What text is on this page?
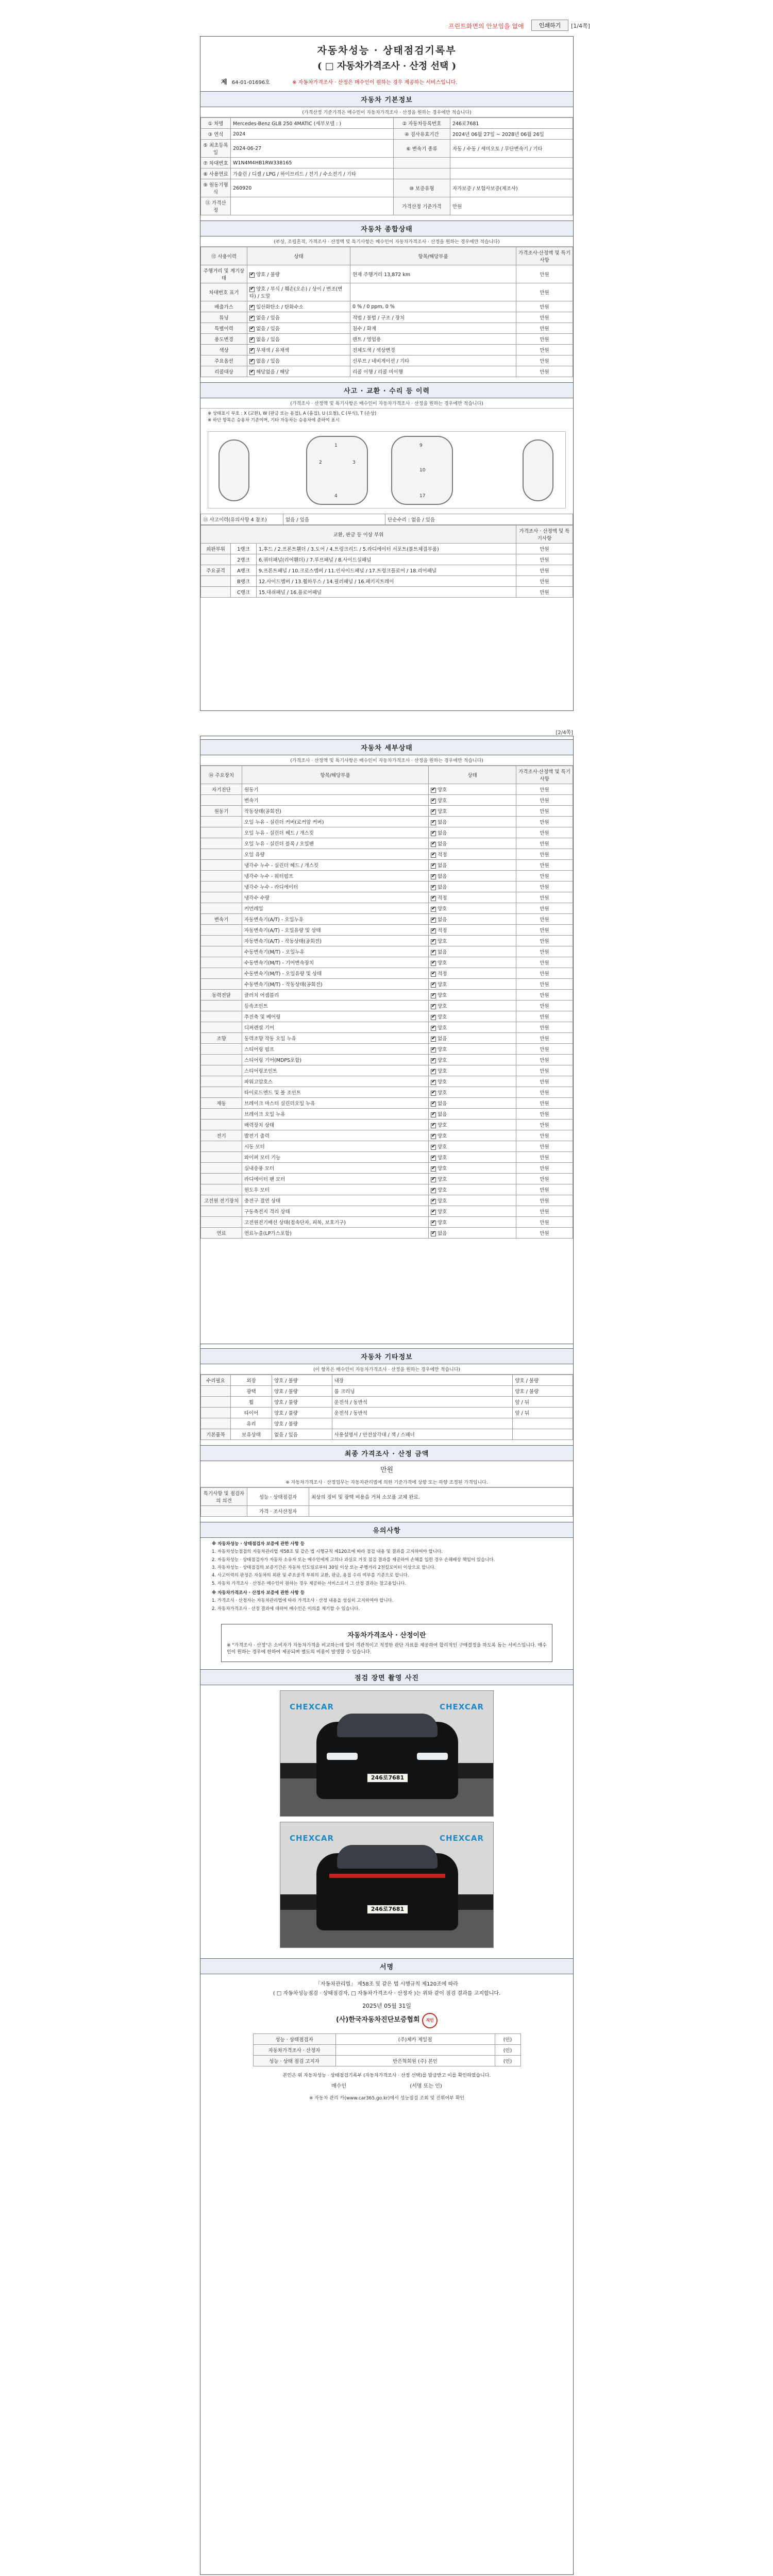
프린트화면의 안보임을 없애	인쇄하기	[1/4쪽]
자동차성능 · 상태점검기록부
( □ 자동차가격조사 · 산정 선택 )
제 64-01-01696호	※ 자동차가격조사 · 산정은 매수인이 원하는 경우 제공하는 서비스입니다.
자동차 기본정보
(가격산정 기준가격은 매수인이 자동차가격조사 · 산정을 원하는 경우에만 적습니다)
① 차명	Mercedes-Benz GLB 250 4MATIC (세부모델 : )	② 자동차등록번호	246로7681
③ 연식	2024	④ 검사유효기간	2024년 06월 27일 ~ 2028년 06월 26일
⑤ 최초등록일	2024-06-27	⑥ 변속기 종류	자동 / 수동 / 세미오토 / 무단변속기 / 기타
⑦ 차대번호	W1N4M4HB1RW338165		
⑧ 사용연료	가솔린 / 디젤 / LPG / 하이브리드 / 전기 / 수소전기 / 기타		
⑨ 원동기형식	260920	⑩ 보증유형	자가보증 / 보험사보증(제조사)
⑪ 가격산정		가격산정 기준가격	만원
자동차 종합상태
(부상, 조립흔적, 가격조사 · 산정액 및 특기사항은 매수인이 자동차가격조사 · 산정을 원하는 경우에만 적습니다)
⑫ 사용이력	상태	항목/해당부품	가격조사·산정액 및 특기사항
주행거리 및 계기상태	✔양호 / 불량	현재 주행거리 13,872 km	만원
차대번호 표기	✔양호 / 부식 / 훼손(오손) / 상이 / 변조(변타) / 도말		만원
배출가스	✔일산화탄소 / 탄화수소	0 % / 0 ppm, 0 %	만원
튜닝	✔없음 / 있음	적법 / 불법 / 구조 / 장치	만원
특별이력	✔없음 / 있음	침수 / 화재	만원
용도변경	✔없음 / 있음	렌트 / 영업용	만원
색상	✔무채색 / 유채색	전체도색 / 색상변경	만원
주요옵션	✔없음 / 있음	선루프 / 네비게이션 / 기타	만원
리콜대상	✔해당없음 / 해당	리콜 이행 / 리콜 미이행	만원
사고 · 교환 · 수리 등 이력
(가격조사 · 산정액 및 특기사항은 매수인이 자동차가격조사 · 산정을 원하는 경우에만 적습니다)
※ 상태표시 부호 : X (교환), W (판금 또는 용접), A (흠집), U (요철), C (부식), T (손상)
※ 하단 항목은 승용차 기준이며, 기타 자동차는 승용차에 준하여 표시
1
2	3
4
9
10
17
⑬ 사고이력(유의사항 4 참조)	없음 / 있음	단순수리 : 없음 / 있음
교환, 판금 등 이상 부위			가격조사 · 산정액 및 특기사항
외판부위	1랭크	1.후드 / 2.프론트휀더 / 3.도어 / 4.트렁크리드 / 5.라디에이터 서포트(볼트체결부품)	만원
	2랭크	6.쿼터패널(리어휀더) / 7.루프패널 / 8.사이드실패널	만원
주요골격	A랭크	9.프론트패널 / 10.크로스멤버 / 11.인사이드패널 / 17.트렁크플로어 / 18.리어패널	만원
	B랭크	12.사이드멤버 / 13.휠하우스 / 14.필러패널 / 16.패키지트레이	만원
	C랭크	15.대쉬패널 / 16.플로어패널	만원
[2/4쪽]
자동차 세부상태
(가격조사 · 산정액 및 특기사항은 매수인이 자동차가격조사 · 산정을 원하는 경우에만 적습니다)
⑭ 주요장치	항목/해당부품	상태	가격조사·산정액 및 특기사항
자기진단	원동기	✔양호	만원
	변속기	✔양호	만원
원동기	작동상태(공회전)	✔양호	만원
	오일 누유 - 실린더 커버(로커암 커버)	✔없음	만원
	오일 누유 - 실린더 헤드 / 개스킷	✔없음	만원
	오일 누유 - 실린더 블록 / 오일팬	✔없음	만원
	오일 유량	✔적정	만원
	냉각수 누수 - 실린더 헤드 / 개스킷	✔없음	만원
	냉각수 누수 - 워터펌프	✔없음	만원
	냉각수 누수 - 라디에이터	✔없음	만원
	냉각수 수량	✔적정	만원
	커먼레일	✔양호	만원
변속기	자동변속기(A/T) - 오일누유	✔없음	만원
	자동변속기(A/T) - 오일유량 및 상태	✔적정	만원
	자동변속기(A/T) - 작동상태(공회전)	✔양호	만원
	수동변속기(M/T) - 오일누유	✔없음	만원
	수동변속기(M/T) - 기어변속장치	✔양호	만원
	수동변속기(M/T) - 오일유량 및 상태	✔적정	만원
	수동변속기(M/T) - 작동상태(공회전)	✔양호	만원
동력전달	클러치 어셈블리	✔양호	만원
	등속조인트	✔양호	만원
	추진축 및 베어링	✔양호	만원
	디퍼렌셜 기어	✔양호	만원
조향	동력조향 작동 오일 누유	✔없음	만원
	스티어링 펌프	✔양호	만원
	스티어링 기어(MDPS포함)	✔양호	만원
	스티어링조인트	✔양호	만원
	파워고압호스	✔양호	만원
	타이로드엔드 및 볼 조인트	✔양호	만원
제동	브레이크 마스터 실린더오일 누유	✔없음	만원
	브레이크 오일 누유	✔없음	만원
	배력장치 상태	✔양호	만원
전기	발전기 출력	✔양호	만원
	시동 모터	✔양호	만원
	와이퍼 모터 기능	✔양호	만원
	실내송풍 모터	✔양호	만원
	라디에이터 팬 모터	✔양호	만원
	윈도우 모터	✔양호	만원
고전원 전기장치	충전구 절연 상태	✔양호	만원
	구동축전지 격리 상태	✔양호	만원
	고전원전기배선 상태(접속단자, 피복, 보호기구)	✔양호	만원
연료	연료누출(LP가스포함)	✔없음	만원
자동차 기타정보
(이 항목은 매수인이 자동차가격조사 · 산정을 원하는 경우에만 적습니다)
수리필요	외장	양호 / 불량	내장	양호 / 불량
	광택	양호 / 불량	룸 크리닝	양호 / 불량
	휠	양호 / 불량	운전석 / 동반석	앞 / 뒤
	타이어	양호 / 불량	운전석 / 동반석	앞 / 뒤
	유리	양호 / 불량		
기본품목	보유상태	없음 / 있음	사용설명서 / 안전삼각대 / 잭 / 스패너	
최종 가격조사 · 산정 금액
만원
※ 자동차가격조사 · 산정업무는 자동차관리법에 의한 기준가격에 상향 또는 하향 조정된 가격입니다.
특기사항 및 점검자의 의견	성능 · 상태점검자	최상의 정비 및 광택 비용을 거쳐 소모품 교체 완료.
	가격 · 조사산정자	
유의사항

※ 자동차성능 · 상태점검자 보증에 관한 사항 등

1. 자동차성능점검의 자동차관리법 제58조 및 같은 법 시행규칙 제120조에 따라 점검 내용 및 결과를 고지하여야 합니다.

2. 자동차성능 · 상태점검자가 자동차 소유자 또는 매수인에게 고의나 과실로 거짓 점검 결과를 제공하여 손해를 입힌 경우 손해배상 책임이 있습니다.

3. 자동차성능 · 상태점검의 보증기간은 자동차 인도일로부터 30일 이상 또는 주행거리 2천킬로미터 이상으로 합니다.

4. 사고이력의 판정은 자동차의 외판 및 주요골격 부위의 교환, 판금, 용접 수리 여부를 기준으로 합니다.

5. 자동차 가격조사 · 산정은 매수인이 원하는 경우 제공하는 서비스로서 그 산정 결과는 참고용입니다.

※ 자동차가격조사 · 산정자 보증에 관한 사항 등

1. 가격조사 · 산정자는 자동차관리법에 따라 가격조사 · 산정 내용을 성실히 고지하여야 합니다.

2. 자동차가격조사 · 산정 결과에 대하여 매수인은 이의를 제기할 수 있습니다.

자동차가격조사 · 산정이란
※ "가격조사 · 산정"은 소비자가 자동차가격을 비교하는데 있어 객관적이고 적정한 판단 자료를 제공하여 합리적인 구매결정을 하도록 돕는 서비스입니다. 매수인이 원하는 경우에 한하여 제공되며 별도의 비용이 발생할 수 있습니다.
점검 장면 촬영 사진
246로7681
CHEXCAR	CHEXCAR
246로7681
CHEXCAR	CHEXCAR
서명
「자동차관리법」 제58조 및 같은 법 시행규칙 제120조에 따라
( □ 자동차성능점검 · 상태점검자, □ 자동차가격조사 · 산정자 )는 위와 같이 점검 결과를 고지합니다.
2025년 05월 31일
(사)한국자동차진단보증협회 직인
성능 · 상태점검자	(주)체카 제일점	(인)
자동차가격조사 · 산정자		(인)
성능 · 상태 점검 고지자	반은혁회원 (주) 본인	(인)
본인은 위 자동차성능 · 상태점검기록부 (자동차가격조사 · 산정 선택)를 발급받고 이를 확인하였습니다.
매수인	(서명 또는 인)
※ 자동차 관리 카(www.car365.go.kr)에서 성능점검 조회 및 진위여부 확인
